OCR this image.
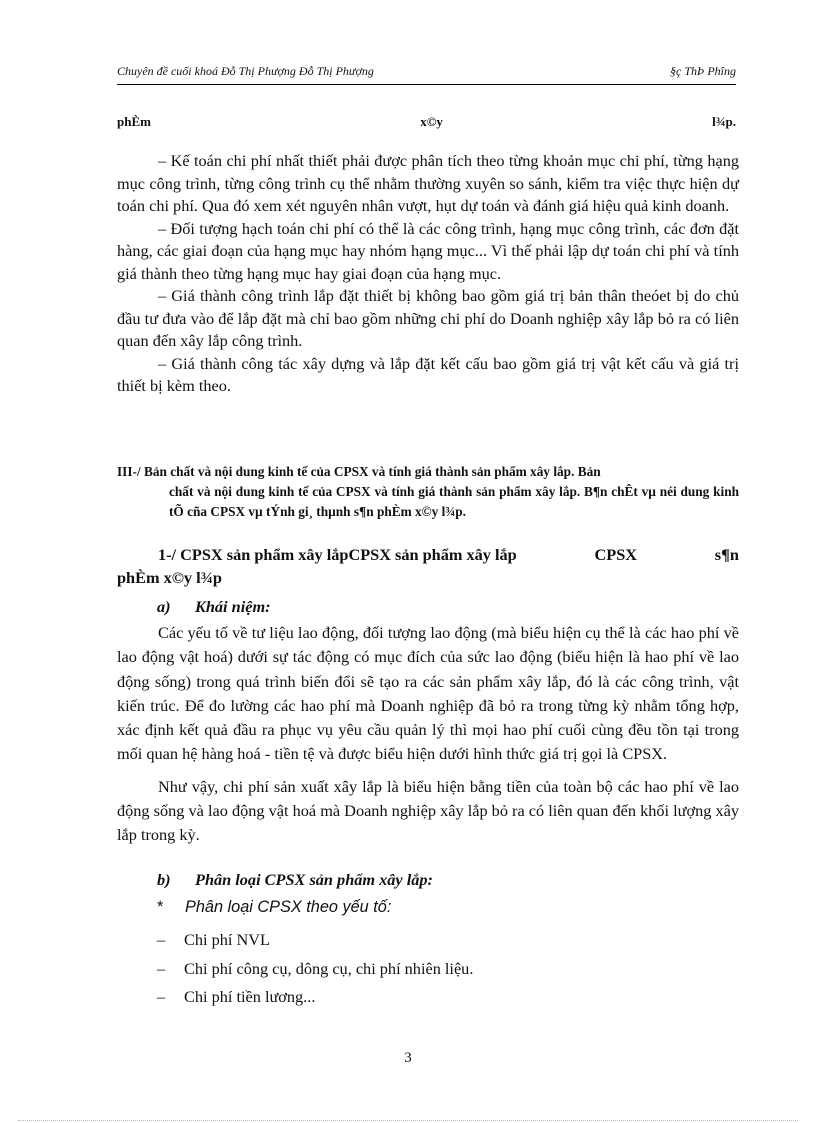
Chuyên đề cuối khoá Đỗ Thị Phượng Đỗ Thị Phượng	§ç ThÞ Phîng
phÈm	x©y	l¾p.

– Kế toán chi phí nhất thiết phải được phân tích theo từng khoản mục chi phí, từng hạng mục công trình, từng công trình cụ thể nhằm thường xuyên so sánh, kiểm tra việc thực hiện dự toán chi phí. Qua đó xem xét nguyên nhân vượt, hụt dự toán và đánh giá hiệu quả kinh doanh.

– Đối tượng hạch toán chi phí có thể là các công trình, hạng mục công trình, các đơn đặt hàng, các giai đoạn của hạng mục hay nhóm hạng mục... Vì thế phải lập dự toán chi phí và tính giá thành theo từng hạng mục hay giai đoạn của hạng mục.

– Giá thành công trình lắp đặt thiết bị không bao gồm giá trị bản thân theóet bị do chủ đầu tư đưa vào để lắp đặt mà chỉ bao gồm những chi phí do Doanh nghiệp xây lắp bỏ ra có liên quan đến xây lắp công trình.

– Giá thành công tác xây dựng và lắp đặt kết cấu bao gồm giá trị vật kết cấu và giá trị thiết bị kèm theo.

III-/ Bản chất và nội dung kinh tế của CPSX và tính giá thành sản phẩm xây lắp. Bản
chất và nội dung kinh tế của CPSX và tính giá thành sản phẩm xây lắp. B¶n chÊt vµ néi dung kinh tÕ cña CPSX vµ tÝnh gi¸ thµnh s¶n phÈm x©y l¾p.
1-/ CPSX sản phẩm xây lắpCPSX sản phẩm xây lắp	CPSX	s¶n
phÈm x©y l¾p
a) Khái niệm:

Các yếu tố về tư liệu lao động, đối tượng lao động (mà biểu hiện cụ thể là các hao phí về lao động vật hoá) dưới sự tác động có mục đích của sức lao động (biểu hiện là hao phí về lao động sống) trong quá trình biến đổi sẽ tạo ra các sản phẩm xây lắp, đó là các công trình, vật kiến trúc. Để đo lường các hao phí mà Doanh nghiệp đã bỏ ra trong từng kỳ nhằm tổng hợp, xác định kết quả đầu ra phục vụ yêu cầu quản lý thì mọi hao phí cuối cùng đều tồn tại trong mối quan hệ hàng hoá - tiền tệ và được biểu hiện dưới hình thức giá trị gọi là CPSX.

Như vậy, chi phí sản xuất xây lắp là biểu hiện bằng tiền của toàn bộ các hao phí về lao động sống và lao động vật hoá mà Doanh nghiệp xây lắp bỏ ra có liên quan đến khối lượng xây lắp trong kỳ.

b) Phân loại CPSX sản phẩm xây lắp:
* Phân loại CPSX theo yếu tố:
–	Chi phí NVL
–	Chi phí công cụ, dông cụ, chi phí nhiên liệu.
–	Chi phí tiền lương...
3
